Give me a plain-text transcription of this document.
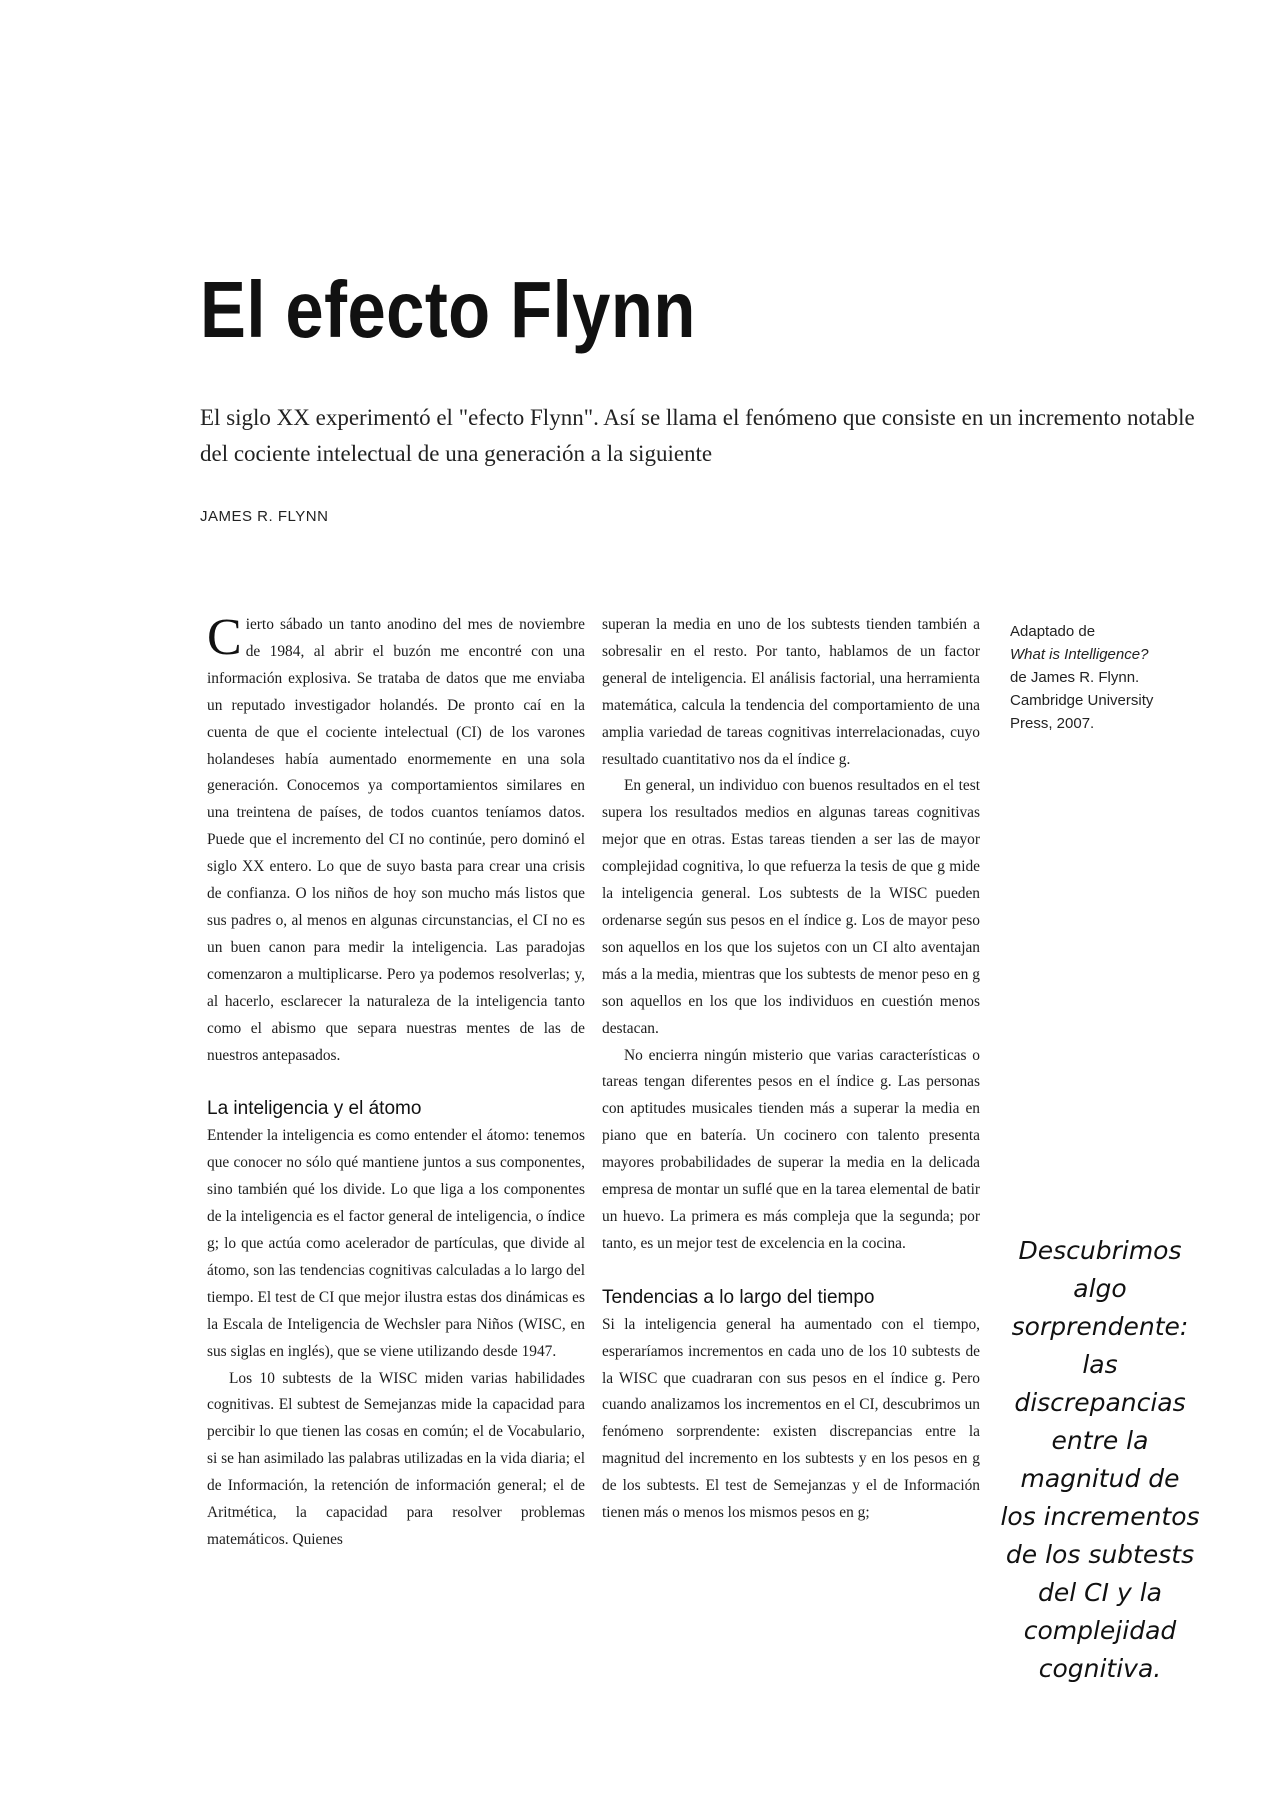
El efecto Flynn
El siglo XX experimentó el "efecto Flynn". Así se llama el fenómeno que consiste en un incremento notable del cociente intelectual de una generación a la siguiente
JAMES R. FLYNN

Cierto sábado un tanto anodino del mes de noviembre de 1984, al abrir el buzón me encontré con una información explosiva. Se trataba de datos que me enviaba un reputado investigador holandés. De pronto caí en la cuenta de que el cociente intelectual (CI) de los varones holandeses había aumentado enormemente en una sola generación. Conocemos ya comportamientos similares en una treintena de países, de todos cuantos teníamos datos. Puede que el incremento del CI no continúe, pero dominó el siglo XX entero. Lo que de suyo basta para crear una crisis de confianza. O los niños de hoy son mucho más listos que sus padres o, al menos en algunas circunstancias, el CI no es un buen canon para medir la inteligencia. Las paradojas comenzaron a multiplicarse. Pero ya podemos resolverlas; y, al hacerlo, esclarecer la naturaleza de la inteligencia tanto como el abismo que separa nuestras mentes de las de nuestros antepasados.

La inteligencia y el átomo

Entender la inteligencia es como entender el átomo: tenemos que conocer no sólo qué mantiene juntos a sus componentes, sino también qué los divide. Lo que liga a los componentes de la inteligencia es el factor general de inteligencia, o índice g; lo que actúa como acelerador de partículas, que divide al átomo, son las tendencias cognitivas calculadas a lo largo del tiempo. El test de CI que mejor ilustra estas dos dinámicas es la Escala de Inteligencia de Wechsler para Niños (WISC, en sus siglas en inglés), que se viene utilizando desde 1947.

Los 10 subtests de la WISC miden varias habilidades cognitivas. El subtest de Semejanzas mide la capacidad para percibir lo que tienen las cosas en común; el de Vocabulario, si se han asimilado las palabras utilizadas en la vida diaria; el de Información, la retención de información general; el de Aritmética, la capacidad para resolver problemas matemáticos. Quienes

superan la media en uno de los subtests tienden también a sobresalir en el resto. Por tanto, hablamos de un factor general de inteligencia. El análisis factorial, una herramienta matemática, calcula la tendencia del comportamiento de una amplia variedad de tareas cognitivas interrelacionadas, cuyo resultado cuantitativo nos da el índice g.

En general, un individuo con buenos resultados en el test supera los resultados medios en algunas tareas cognitivas mejor que en otras. Estas tareas tienden a ser las de mayor complejidad cognitiva, lo que refuerza la tesis de que g mide la inteligencia general. Los subtests de la WISC pueden ordenarse según sus pesos en el índice g. Los de mayor peso son aquellos en los que los sujetos con un CI alto aventajan más a la media, mientras que los subtests de menor peso en g son aquellos en los que los individuos en cuestión menos destacan.

No encierra ningún misterio que varias características o tareas tengan diferentes pesos en el índice g. Las personas con aptitudes musicales tienden más a superar la media en piano que en batería. Un cocinero con talento presenta mayores probabilidades de superar la media en la delicada empresa de montar un suflé que en la tarea elemental de batir un huevo. La primera es más compleja que la segunda; por tanto, es un mejor test de excelencia en la cocina.

Tendencias a lo largo del tiempo

Si la inteligencia general ha aumentado con el tiempo, esperaríamos incrementos en cada uno de los 10 subtests de la WISC que cuadraran con sus pesos en el índice g. Pero cuando analizamos los incrementos en el CI, descubrimos un fenómeno sorprendente: existen discrepancias entre la magnitud del incremento en los subtests y en los pesos en g de los subtests. El test de Semejanzas y el de Información tienen más o menos los mismos pesos en g;

Adaptado de
What is Intelligence?
de James R. Flynn.
Cambridge University Press, 2007.
Descubrimos algo sorprendente: las discrepancias entre la magnitud de los incrementos de los subtests del CI y la complejidad cognitiva.
